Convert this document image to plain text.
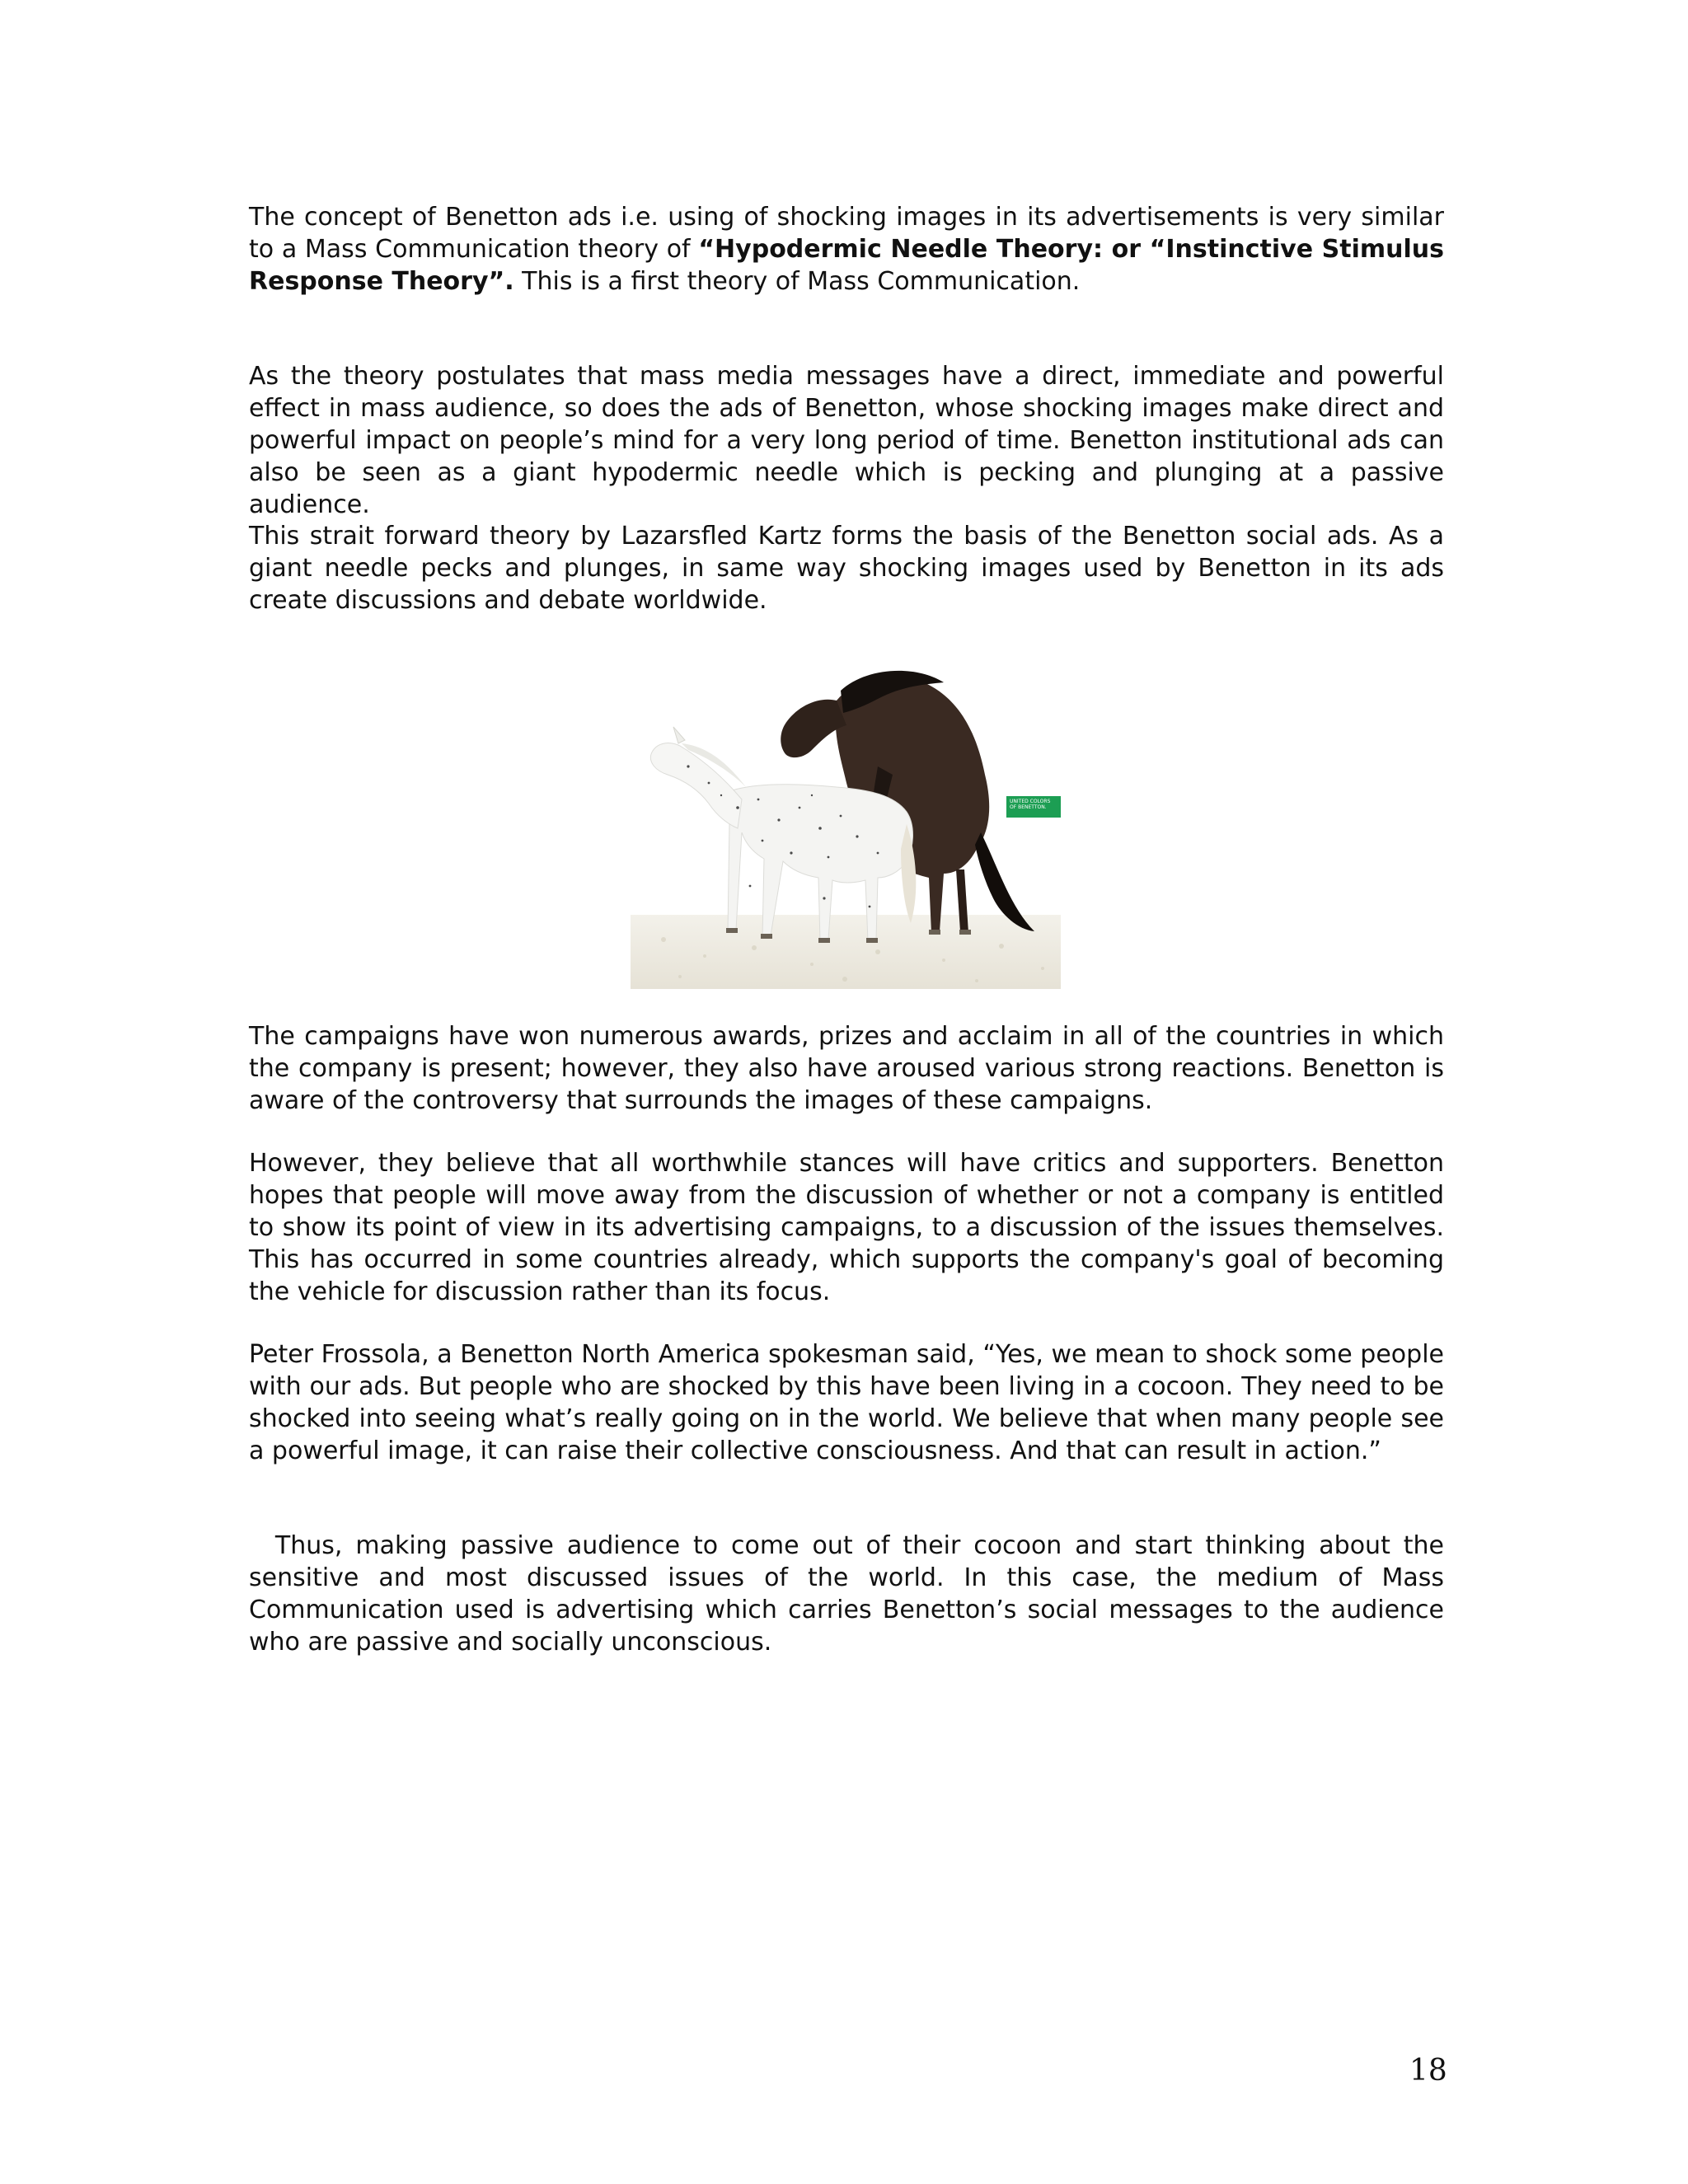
The concept of Benetton ads i.e. using of shocking images in its advertisements is very similar to a Mass Communication theory of “Hypodermic Needle Theory: or “Instinctive Stimulus Response Theory”. This is a first theory of Mass Communication.

As the theory postulates that mass media messages have a direct, immediate and powerful effect in mass audience, so does the ads of Benetton, whose shocking images make direct and powerful impact on people’s mind for a very long period of time. Benetton institutional ads can also be seen as a giant hypodermic needle which is pecking and plunging at a passive audience.

This strait forward theory by Lazarsfled Kartz forms the basis of the Benetton social ads. As a giant needle pecks and plunges, in same way shocking images used by Benetton in its ads create discussions and debate worldwide.

UNITED COLORS
OF BENETTON.

The campaigns have won numerous awards, prizes and acclaim in all of the countries in which the company is present; however, they also have aroused various strong reactions. Benetton is aware of the controversy that surrounds the images of these campaigns.

However, they believe that all worthwhile stances will have critics and supporters. Benetton hopes that people will move away from the discussion of whether or not a company is entitled to show its point of view in its advertising campaigns, to a discussion of the issues themselves. This has occurred in some countries already, which supports the company's goal of becoming the vehicle for discussion rather than its focus.

Peter Frossola, a Benetton North America spokesman said, “Yes, we mean to shock some people with our ads. But people who are shocked by this have been living in a cocoon. They need to be shocked into seeing what’s really going on in the world. We believe that when many people see a powerful image, it can raise their collective consciousness. And that can result in action.”

Thus, making passive audience to come out of their cocoon and start thinking about the sensitive and most discussed issues of the world. In this case, the medium of Mass Communication used is advertising which carries Benetton’s social messages to the audience who are passive and socially unconscious.

18
